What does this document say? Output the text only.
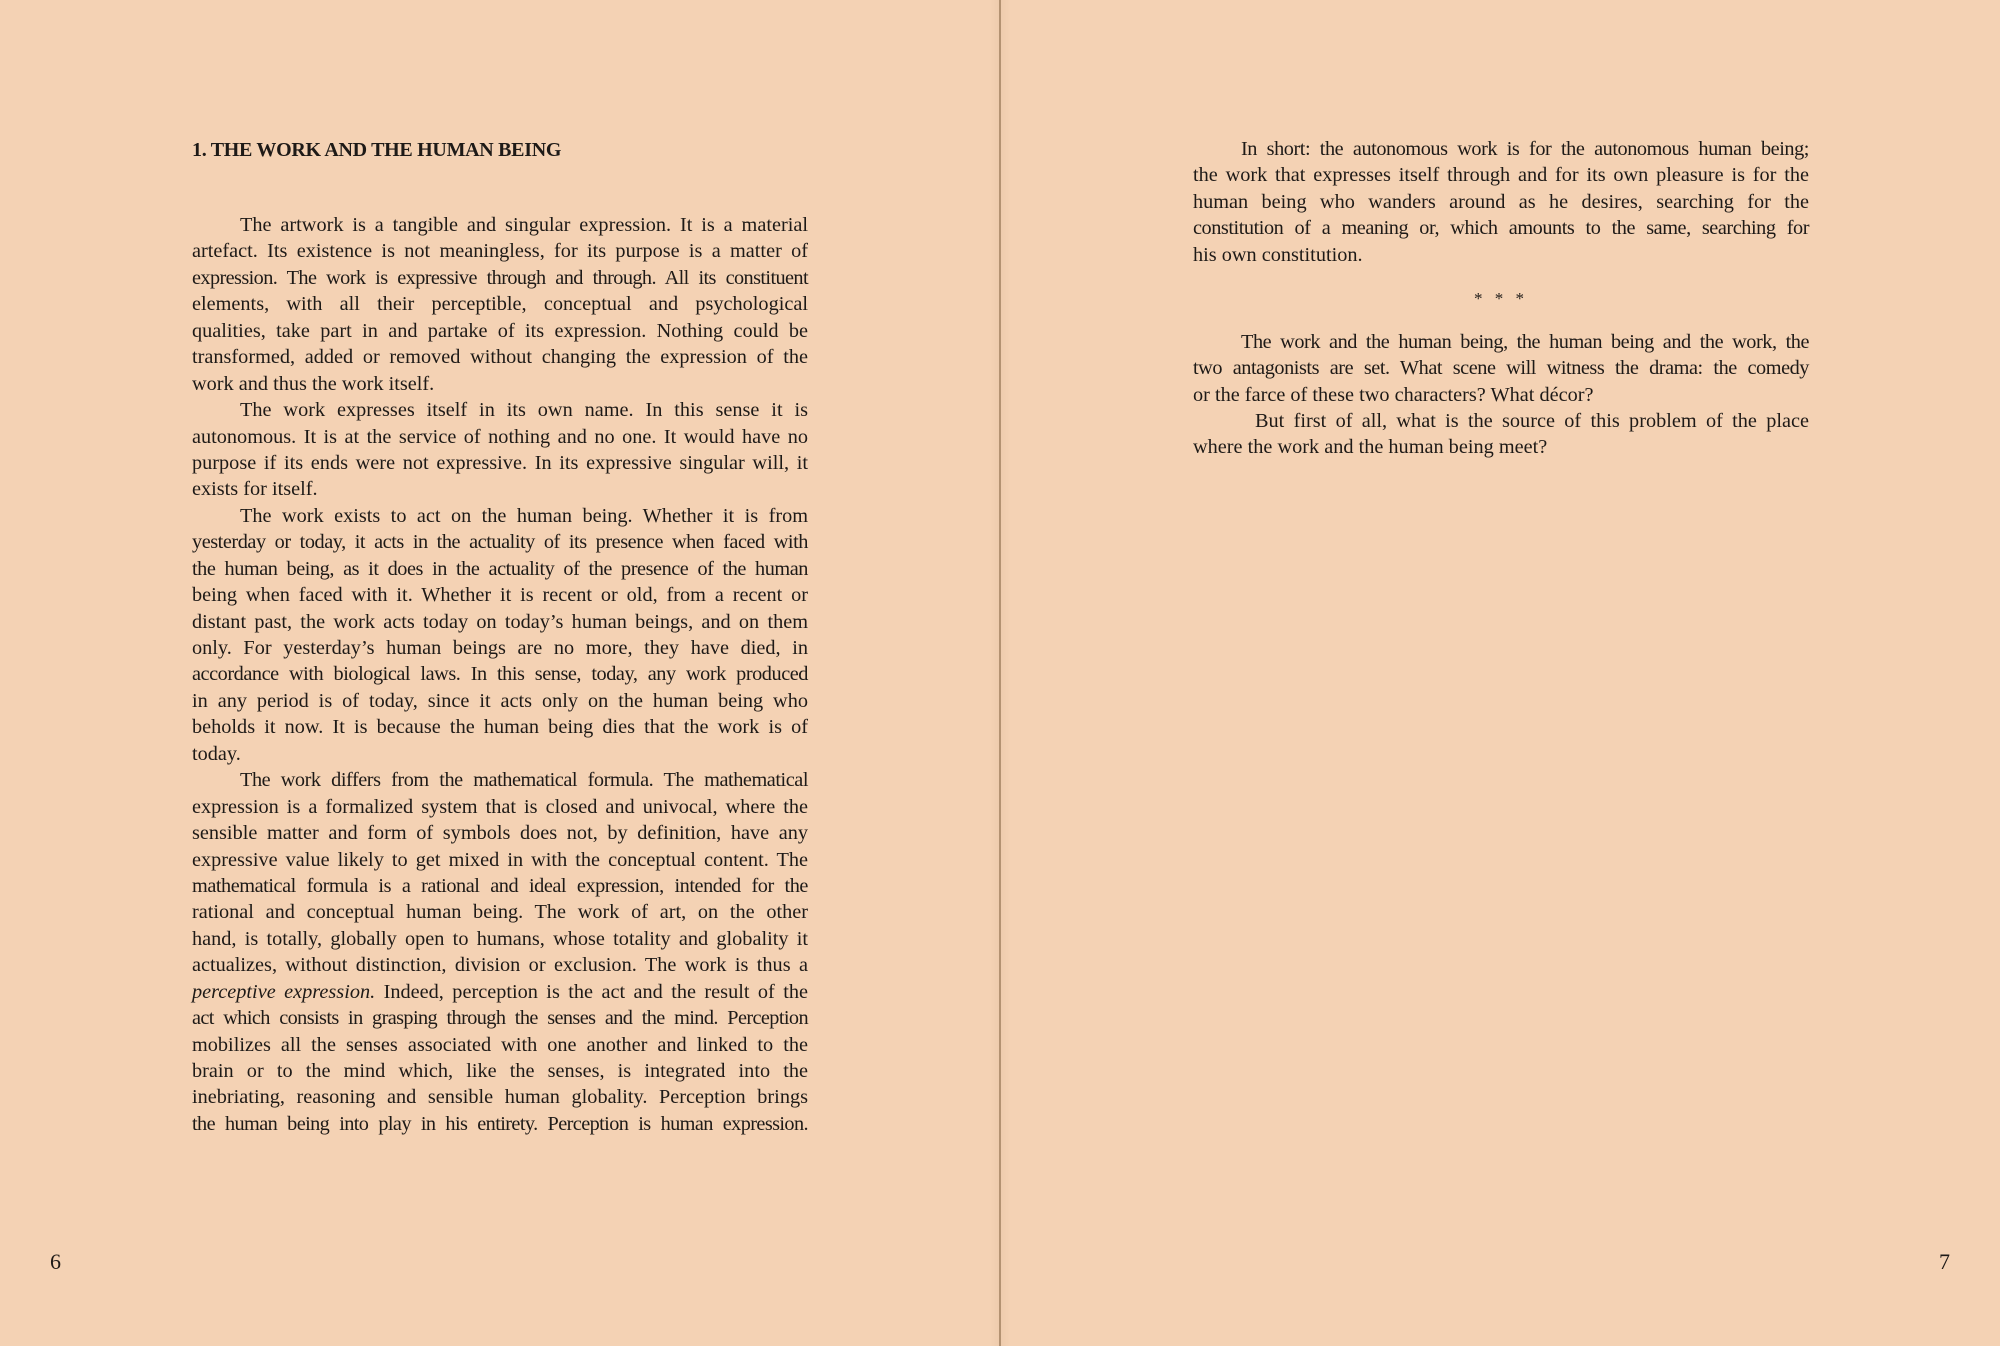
1. THE WORK AND THE HUMAN BEING

The artwork is a tangible and singular expression. It is a material
artefact. Its existence is not meaningless, for its purpose is a matter of
expression. The work is expressive through and through. All its constituent
elements, with all their perceptible, conceptual and psychological
qualities, take part in and partake of its expression. Nothing could be
transformed, added or removed without changing the expression of the
work and thus the work itself.

The work expresses itself in its own name. In this sense it is
autonomous. It is at the service of nothing and no one. It would have no
purpose if its ends were not expressive. In its expressive singular will, it
exists for itself.

The work exists to act on the human being. Whether it is from
yesterday or today, it acts in the actuality of its presence when faced with
the human being, as it does in the actuality of the presence of the human
being when faced with it. Whether it is recent or old, from a recent or
distant past, the work acts today on today’s human beings, and on them
only. For yesterday’s human beings are no more, they have died, in
accordance with biological laws. In this sense, today, any work produced
in any period is of today, since it acts only on the human being who
beholds it now. It is because the human being dies that the work is of
today.

The work differs from the mathematical formula. The mathematical
expression is a formalized system that is closed and univocal, where the
sensible matter and form of symbols does not, by definition, have any
expressive value likely to get mixed in with the conceptual content. The
mathematical formula is a rational and ideal expression, intended for the
rational and conceptual human being. The work of art, on the other
hand, is totally, globally open to humans, whose totality and globality it
actualizes, without distinction, division or exclusion. The work is thus a
perceptive expression. Indeed, perception is the act and the result of the
act which consists in grasping through the senses and the mind. Perception
mobilizes all the senses associated with one another and linked to the
brain or to the mind which, like the senses, is integrated into the
inebriating, reasoning and sensible human globality. Perception brings
the human being into play in his entirety. Perception is human expression.

6

In short: the autonomous work is for the autonomous human being;
the work that expresses itself through and for its own pleasure is for the
human being who wanders around as he desires, searching for the
constitution of a meaning or, which amounts to the same, searching for
his own constitution.

* * *

The work and the human being, the human being and the work, the
two antagonists are set. What scene will witness the drama: the comedy
or the farce of these two characters? What décor?

But first of all, what is the source of this problem of the place
where the work and the human being meet?

7
